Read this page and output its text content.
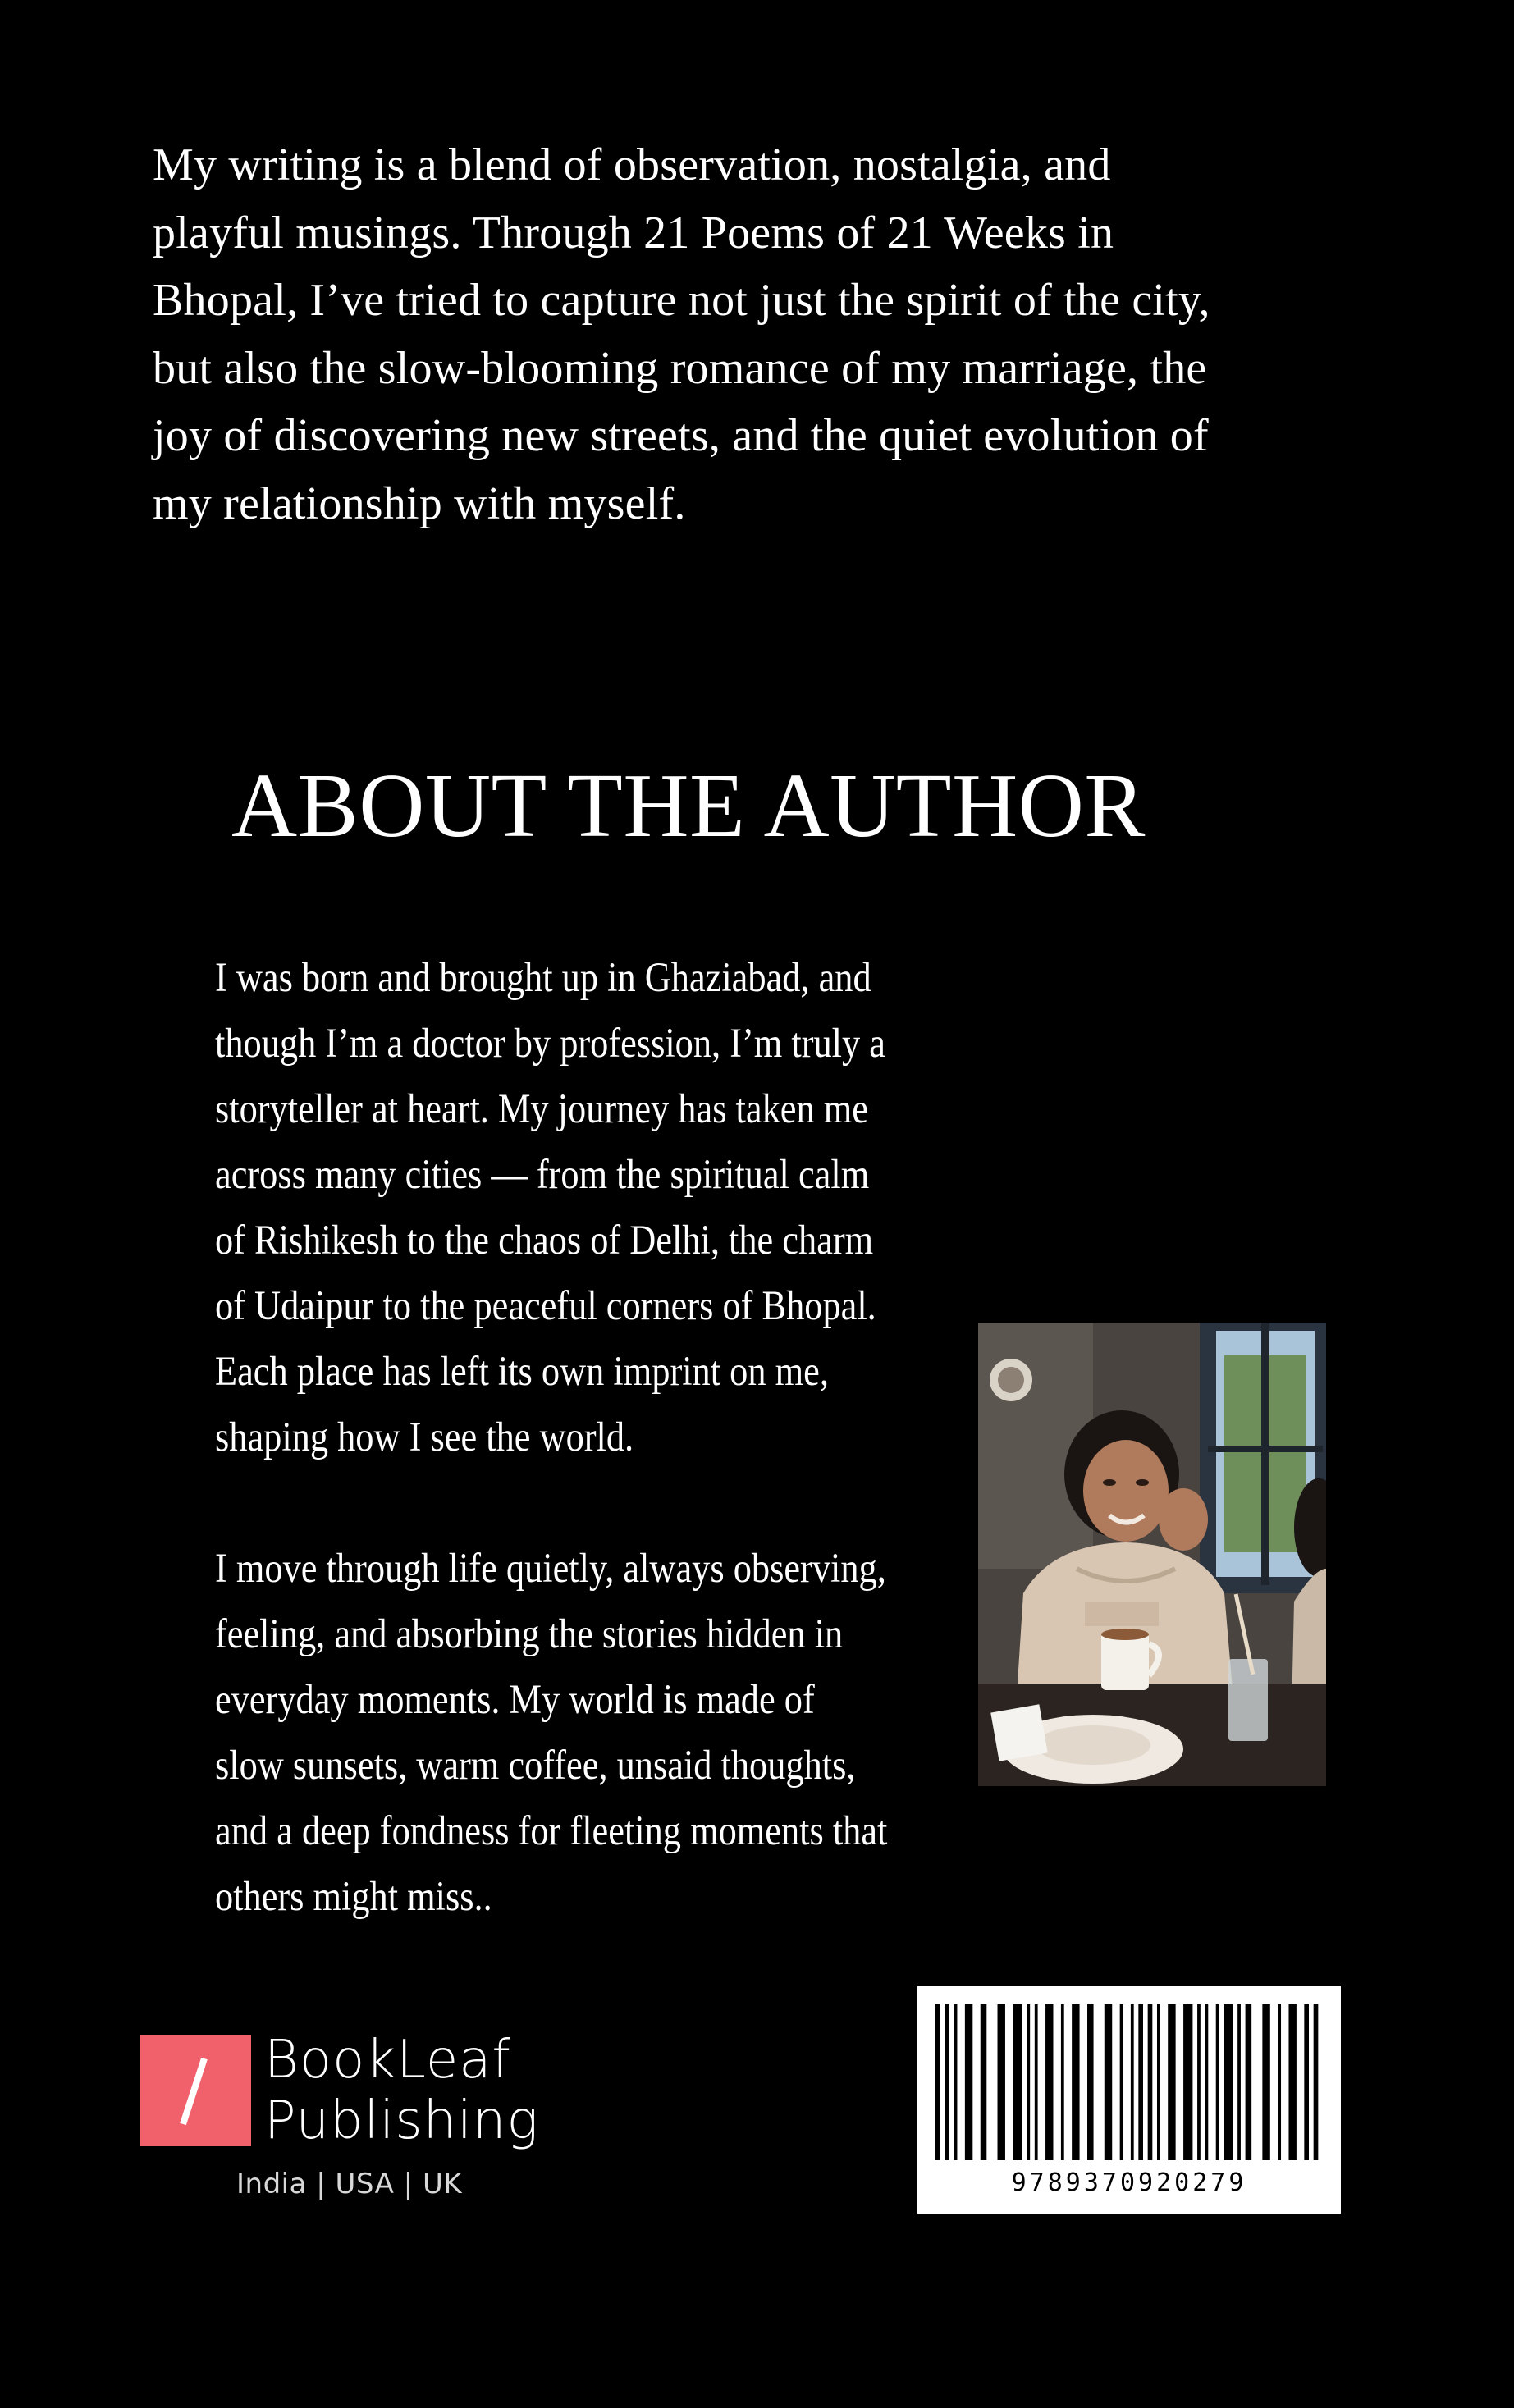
My writing is a blend of observation, nostalgia, and
playful musings. Through 21 Poems of 21 Weeks in
Bhopal, I’ve tried to capture not just the spirit of the city,
but also the slow-blooming romance of my marriage, the
joy of discovering new streets, and the quiet evolution of
my relationship with myself.
ABOUT THE AUTHOR
I was born and brought up in Ghaziabad, and
though I’m a doctor by profession, I’m truly a
storyteller at heart. My journey has taken me
across many cities — from the spiritual calm
of Rishikesh to the chaos of Delhi, the charm
of Udaipur to the peaceful corners of Bhopal.
Each place has left its own imprint on me,
shaping how I see the world.
I move through life quietly, always observing,
feeling, and absorbing the stories hidden in
everyday moments. My world is made of
slow sunsets, warm coffee, unsaid thoughts,
and a deep fondness for fleeting moments that
others might miss..
BookLeaf
Publishing
India | USA | UK	9789370920279
